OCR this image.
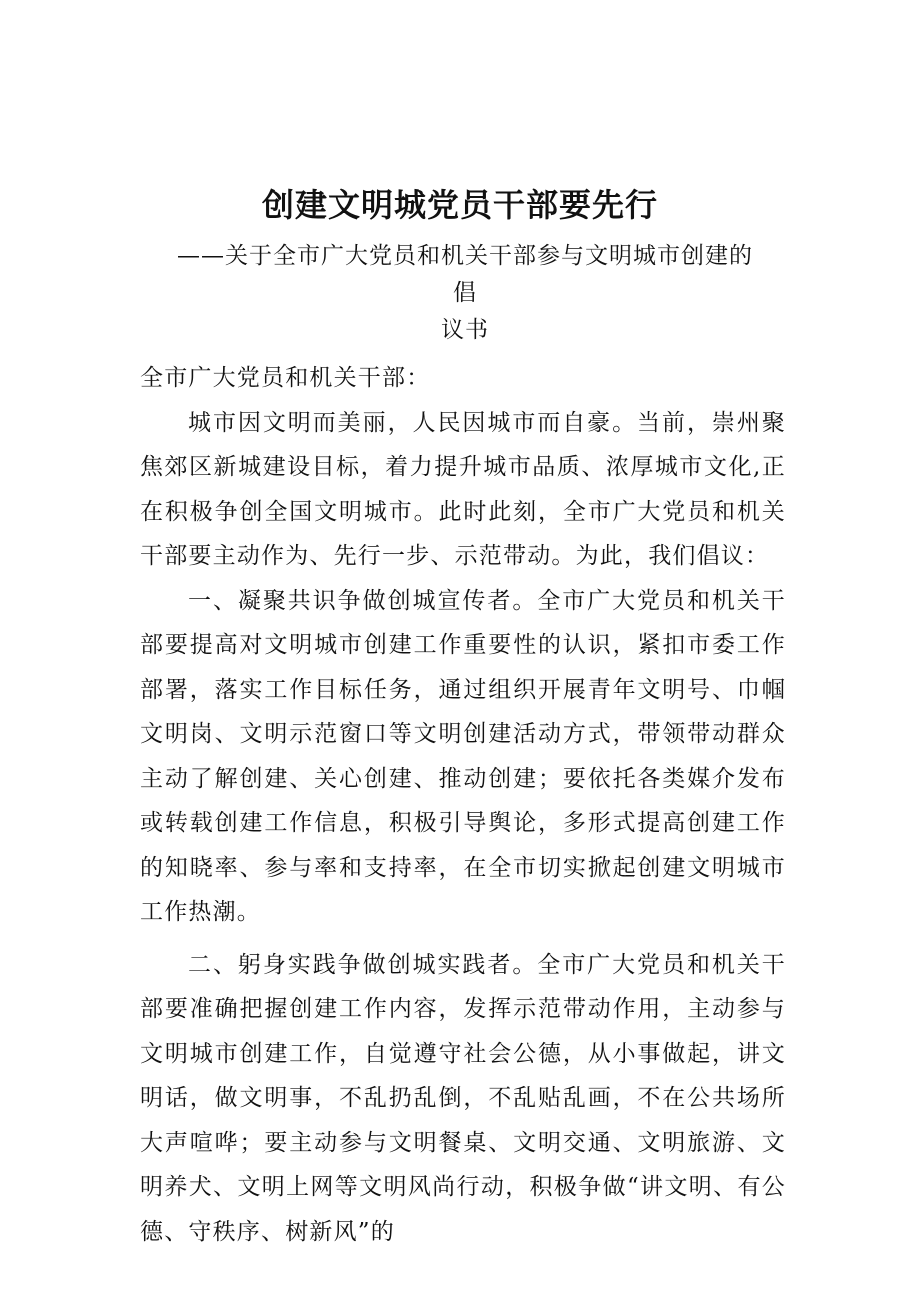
创建文明城党员干部要先行
——关于全市广大党员和机关干部参与文明城市创建的倡
议书

全市广大党员和机关干部：

城市因文明而美丽，人民因城市而自豪。当前，崇州聚焦郊区新城建设目标，着力提升城市品质、浓厚城市文化,正在积极争创全国文明城市。此时此刻，全市广大党员和机关干部要主动作为、先行一步、示范带动。为此，我们倡议：

一、凝聚共识争做创城宣传者。全市广大党员和机关干部要提高对文明城市创建工作重要性的认识，紧扣市委工作部署，落实工作目标任务，通过组织开展青年文明号、巾帼文明岗、文明示范窗口等文明创建活动方式，带领带动群众主动了解创建、关心创建、推动创建；要依托各类媒介发布或转载创建工作信息，积极引导舆论，多形式提高创建工作的知晓率、参与率和支持率，在全市切实掀起创建文明城市工作热潮。

二、躬身实践争做创城实践者。全市广大党员和机关干部要准确把握创建工作内容，发挥示范带动作用，主动参与文明城市创建工作，自觉遵守社会公德，从小事做起，讲文明话，做文明事，不乱扔乱倒，不乱贴乱画，不在公共场所大声喧哗；要主动参与文明餐桌、文明交通、文明旅游、文明养犬、文明上网等文明风尚行动，积极争做“讲文明、有公德、守秩序、树新风”的
